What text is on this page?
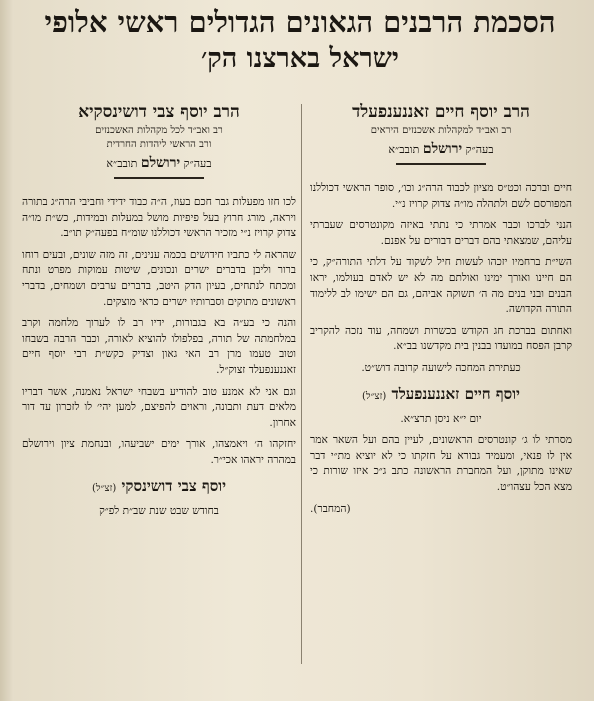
הסכמת הרבנים הגאונים הגדולים ראשי אלופי
ישראל בארצנו הק׳
הרב יוסף חיים זאננענפעלד
רב ואב״ד למקהלות אשכנזים היראים
בעה״ק ירושלם תובב״א

חיים וברכה וכט״ס מציון לכבוד הרה״ג וכו׳, סופר הראשי דכוללנו המפורסם לשם ולתהלה מו״ה צדוק קרויז נ״י.

הנני לברכו וכבר אמרתי כי נתתי באיזה מקונטרסים שעברתי עליהם, שמצאתי בהם דברים דבורים על אפנם.

השי״ת ברחמיו יזכהו לעשות חיל לשקוד על דלתי התורה״ק, כי הם חיינו ואורך ימינו ואולתם מה לא יש לאדם בעולמו, יראו הבנים ובני בנים מה ה׳ תשוקה אביהם, גם הם ישימו לב ללימוד התורה הקדושה.

ואחתום בברכת חג הקודש בכשרות ושמחה, עוד נזכה להקריב קרבן הפסח במועדו בבנין בית מקדשנו בב״א.

כעתירת המחכה לישועה קרובה דוש״ט.

יוסף חיים זאננענפעלד (זצ״ל)

יום י״א ניסן תרצ״א.

מסרתי לו ג׳ קונטרסים הראשונים, לעיין בהם ועל השאר אמר אין לו פנאי, ומעמיד גבורא על חזקתו כי לא יוציא מת״י דבר שאינו מתוקן, ועל המחברת הראשונה כתב ג״כ איזו שורות כי מצא הכל עצהו״ט.

(המחבר).

הרב יוסף צבי דושינסקיא
רב ואב״ד לכל מקהלות האשכנזים
ורב הראשי ליהדות החרדית
בעה״ק ירושלם תובב״א

לכו חזו מפעלות גבר חכם בעוז, ה״ה כבוד ידידי וחביבי הרה״ג בתורה ויראה, מורג חרוץ בעל פיפיות מושל במעלות ובמידות, כש״ת מו״ה צדוק קרויז נ״י מזכיר הראשי דכוללנו שומ״ח בפעה״ק תו״ב.

שהראה לי כתביו חידושים בכמה ענינים, זה מזה שונים, ובעים רוחו ברור וליבן בדברים ישרים ונכונים, שיטות עמוקות מפרט ונתח ומכתח לנתחים, בעיון הדק היטב, בדברים ערבים ושמחים, בדברי ראשונים מתוקים וסברותיו ישרים כראי מוצקים.

והנה כי בע״ה בא בגבורות, ידיו רב לו לערוך מלחמה וקרב במלחמתה של תורה, בפלפולו להוציא לאורה, וכבר הרבה בשבחו וטוב טעמו מרן רב האי גאון וצדיק כקש״ת רבי יוסף חיים זאננענפעלד זצוק״ל.

וגם אני לא אמנע טוב להודיע בשבחי ישראל נאמנה, אשר דבריו מלאים דעת ותבונה, וראוים להפיצם, למען יהי׳ לו לזכרון עד דור אחרון.

יחזקהו ה׳ ויאמצהו, אורך ימים ישביעהו, ובנחמת ציון וירושלם במהרה יראהו אכי״ר.

יוסף צבי דושינסקי (זצ״ל)

בחודש שבט שנת שב״ת לפ״ק
